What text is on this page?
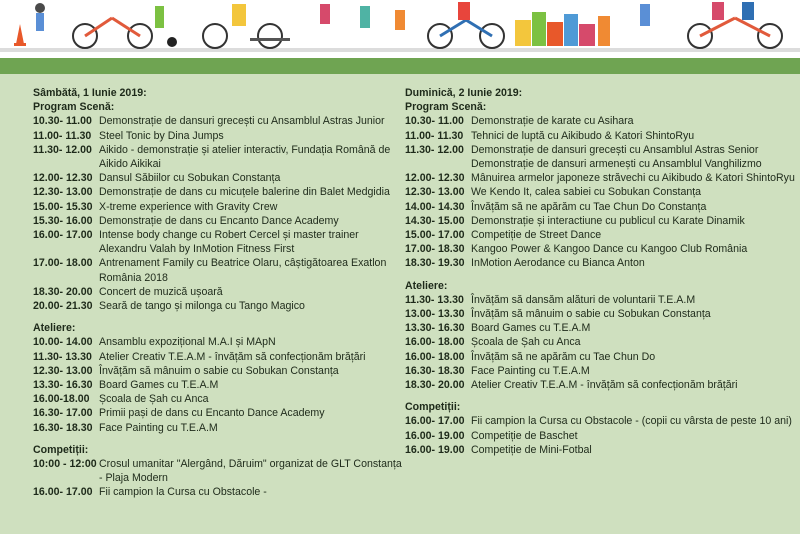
Sâmbătă, 1 Iunie 2019:
Program Scenă:
10.30- 11.00 Demonstrație de dansuri grecești cu Ansamblul Astras Junior
11.00- 11.30 Steel Tonic by Dina Jumps
11.30- 12.00 Aikido - demonstrație și atelier interactiv, Fundația Română de Aikido Aikikai
12.00- 12.30 Dansul Săbiilor cu Sobukan Constanța
12.30- 13.00 Demonstrație de dans cu micuțele balerine din Balet Medgidia
15.00- 15.30 X-treme experience with Gravity Crew
15.30- 16.00 Demonstrație de dans cu Encanto Dance Academy
16.00- 17.00 Intense body change cu Robert Cercel și master trainer Alexandru Valah by InMotion Fitness First
17.00- 18.00 Antrenament Family cu Beatrice Olaru, câștigătoarea Exatlon România 2018
18.30- 20.00 Concert de muzică ușoară
20.00- 21.30 Seară de tango și milonga cu Tango Magico
Ateliere:
10.00- 14.00 Ansamblu expozițional M.A.I și MApN
11.30- 13.30 Atelier Creativ T.E.A.M - învățăm să confecționăm brățări
12.30- 13.00 Învățăm să mânuim o sabie cu Sobukan Constanța
13.30- 16.30 Board Games cu T.E.A.M
16.00-18.00 Școala de Șah cu Anca
16.30- 17.00 Primii pași de dans cu Encanto Dance Academy
16.30- 18.30 Face Painting cu T.E.A.M
Competiții:
10:00 - 12:00 Crosul umanitar "Alergând, Dăruim" organizat de GLT Constanța - Plaja Modern
16.00- 17.00 Fii campion la Cursa cu Obstacole -
Duminică, 2 Iunie 2019:
Program Scenă:
10.30- 11.00 Demonstrație de karate cu Asihara
11.00- 11.30 Tehnici de luptă cu Aikibudo & Katori ShintoRyu
11.30- 12.00 Demonstrație de dansuri grecești cu Ansamblul Astras Senior
Demonstrație de dansuri armenești cu Ansamblul Vanghilizmo
12.00- 12.30 Mânuirea armelor japoneze străvechi cu Aikibudo & Katori ShintoRyu
12.30- 13.00 We Kendo It, calea sabiei cu Sobukan Constanța
14.00- 14.30 Învățăm să ne apărăm cu Tae Chun Do Constanța
14.30- 15.00 Demonstrație și interactiune cu publicul cu Karate Dinamik
15.00- 17.00 Competiție de Street Dance
17.00- 18.30 Kangoo Power & Kangoo Dance cu Kangoo Club România
18.30- 19.30 InMotion Aerodance cu Bianca Anton
Ateliere:
11.30- 13.30 Învățăm să dansăm alături de voluntarii T.E.A.M
13.00- 13.30 Învățăm să mânuim o sabie cu Sobukan Constanța
13.30- 16.30 Board Games cu T.E.A.M
16.00- 18.00 Școala de Șah cu Anca
16.00- 18.00 Învățăm să ne apărăm cu Tae Chun Do
16.30- 18.30 Face Painting cu T.E.A.M
18.30- 20.00 Atelier Creativ T.E.A.M - învățăm să confecționăm brățări
Competiții:
16.00- 17.00 Fii campion la Cursa cu Obstacole - (copii cu vârsta de peste 10 ani)
16.00- 19.00 Competiție de Baschet
16.00- 19.00 Competiție de Mini-Fotbal
